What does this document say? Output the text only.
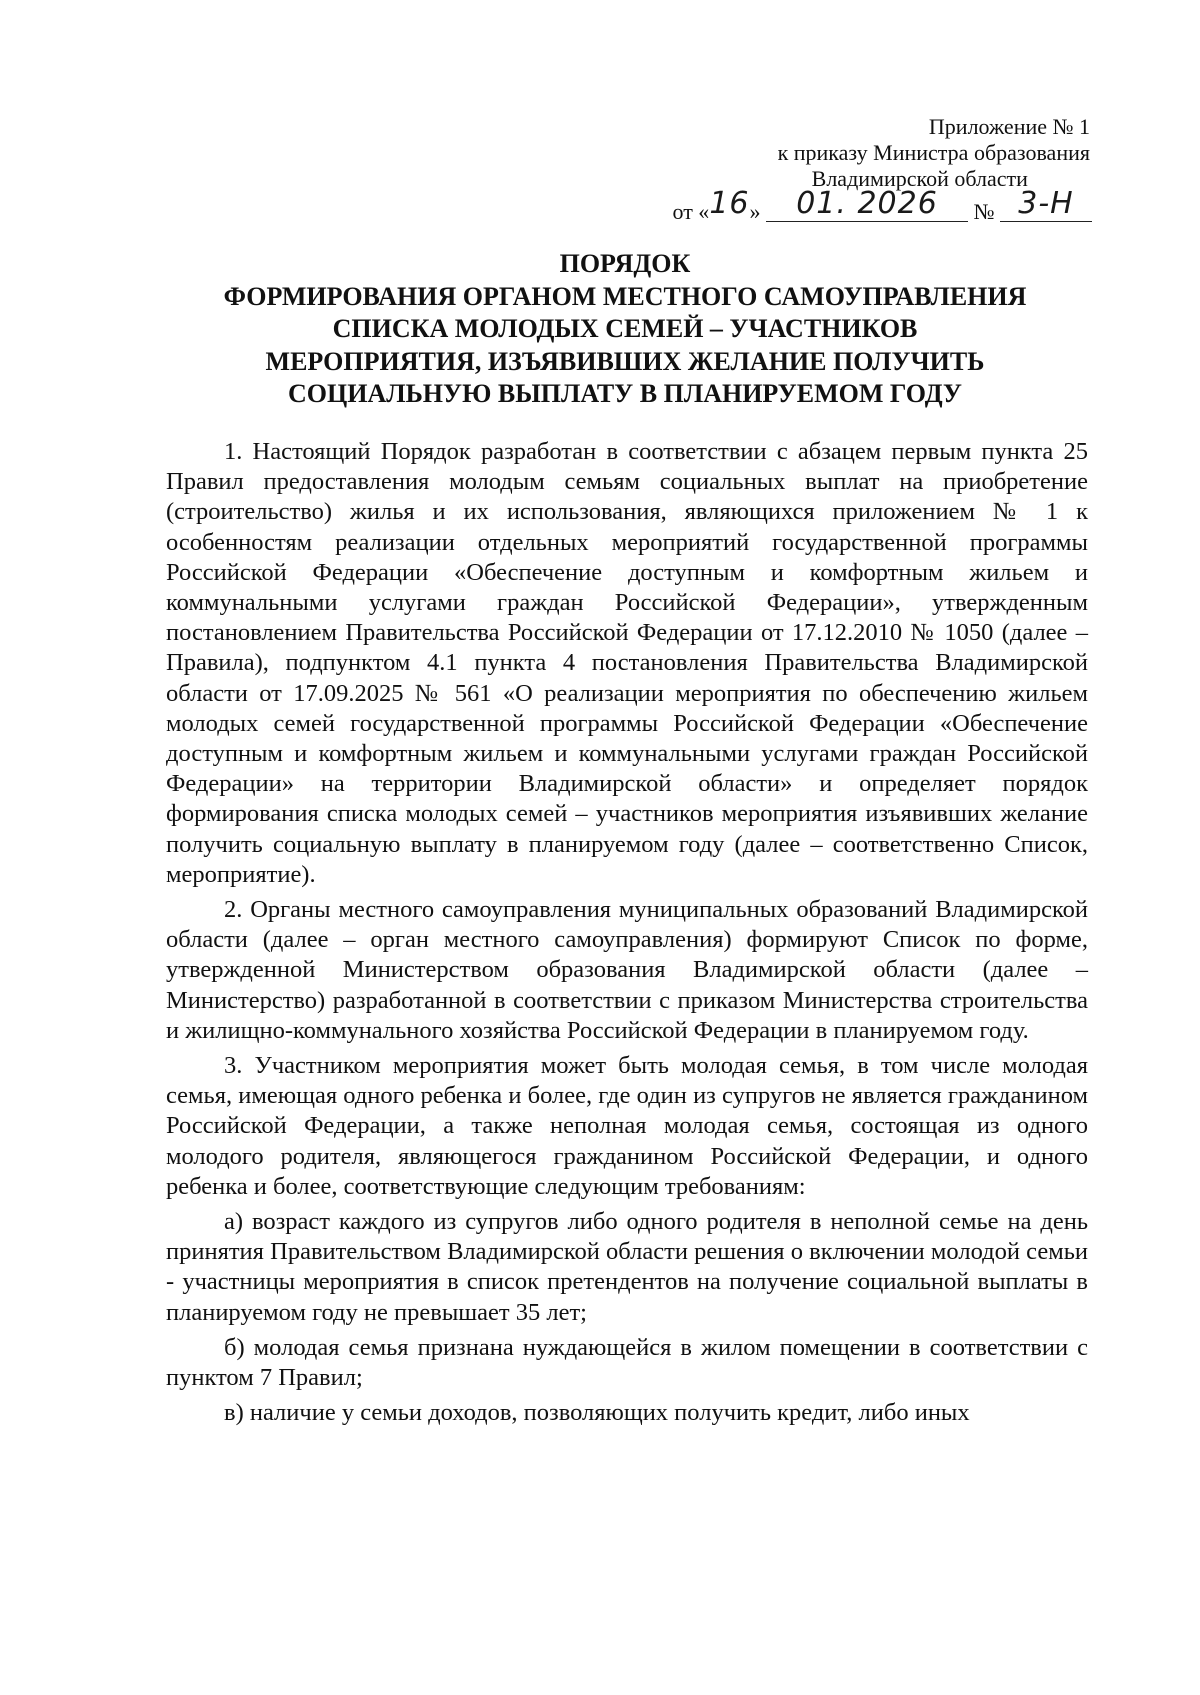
Приложение № 1
к приказу Министра образования
Владимирской области
от «16» 01. 2026 № 3-Н
ПОРЯДОК
ФОРМИРОВАНИЯ ОРГАНОМ МЕСТНОГО САМОУПРАВЛЕНИЯ
СПИСКА МОЛОДЫХ СЕМЕЙ – УЧАСТНИКОВ
МЕРОПРИЯТИЯ, ИЗЪЯВИВШИХ ЖЕЛАНИЕ ПОЛУЧИТЬ
СОЦИАЛЬНУЮ ВЫПЛАТУ В ПЛАНИРУЕМОМ ГОДУ

1. Настоящий Порядок разработан в соответствии с абзацем первым пункта 25 Правил предоставления молодым семьям социальных выплат на приобретение (строительство) жилья и их использования, являющихся приложением № 1 к особенностям реализации отдельных мероприятий государственной программы Российской Федерации «Обеспечение доступным и комфортным жильем и коммунальными услугами граждан Российской Федерации», утвержденным постановлением Правительства Российской Федерации от 17.12.2010 № 1050 (далее – Правила), подпунктом 4.1 пункта 4 постановления Правительства Владимирской области от 17.09.2025 № 561 «О реализации мероприятия по обеспечению жильем молодых семей государственной программы Российской Федерации «Обеспечение доступным и комфортным жильем и коммунальными услугами граждан Российской Федерации» на территории Владимирской области» и определяет порядок формирования списка молодых семей – участников мероприятия изъявивших желание получить социальную выплату в планируемом году (далее – соответственно Список, мероприятие).

2. Органы местного самоуправления муниципальных образований Владимирской области (далее – орган местного самоуправления) формируют Список по форме, утвержденной Министерством образования Владимирской области (далее – Министерство) разработанной в соответствии с приказом Министерства строительства и жилищно-коммунального хозяйства Российской Федерации в планируемом году.

3. Участником мероприятия может быть молодая семья, в том числе молодая семья, имеющая одного ребенка и более, где один из супругов не является гражданином Российской Федерации, а также неполная молодая семья, состоящая из одного молодого родителя, являющегося гражданином Российской Федерации, и одного ребенка и более, соответствующие следующим требованиям:

а) возраст каждого из супругов либо одного родителя в неполной семье на день принятия Правительством Владимирской области решения о включении молодой семьи - участницы мероприятия в список претендентов на получение социальной выплаты в планируемом году не превышает 35 лет;

б) молодая семья признана нуждающейся в жилом помещении в соответствии с пунктом 7 Правил;

в) наличие у семьи доходов, позволяющих получить кредит, либо иных
